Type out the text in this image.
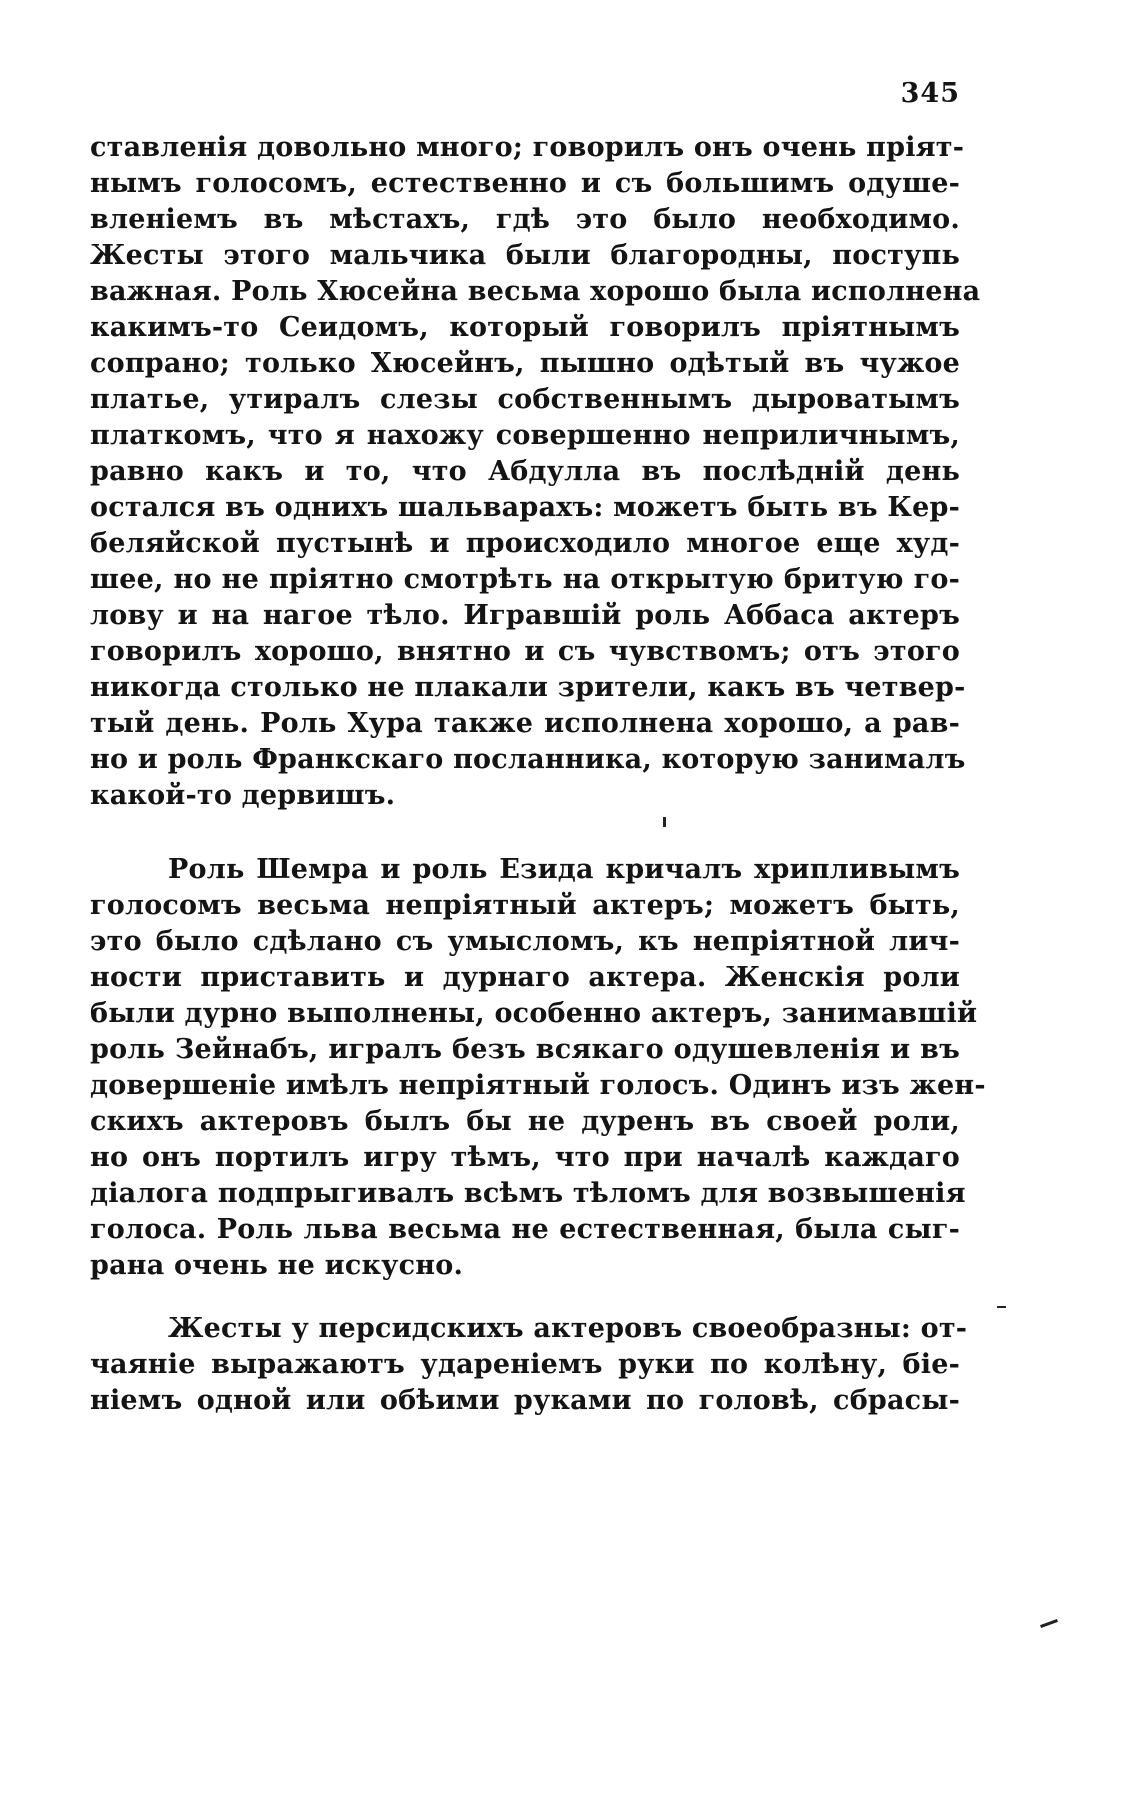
345
ставленія довольно много; говорилъ онъ очень пріят-
нымъ голосомъ, естественно и съ большимъ одуше-
вленіемъ въ мѣстахъ, гдѣ это было необходимо.
Жесты этого мальчика были благородны, поступь
важная. Роль Хюсейна весьма хорошо была исполнена
какимъ-то Сеидомъ, который говорилъ пріятнымъ
сопрано; только Хюсейнъ, пышно одѣтый въ чужое
платье, утиралъ слезы собственнымъ дыроватымъ
платкомъ, что я нахожу совершенно неприличнымъ,
равно какъ и то, что Абдулла въ послѣдній день
остался въ однихъ шальварахъ: можетъ быть въ Кер-
беляйской пустынѣ и происходило многое еще худ-
шее, но не пріятно смотрѣть на открытую бритую го-
лову и на нагое тѣло. Игравшій роль Аббаса актеръ
говорилъ хорошо, внятно и съ чувствомъ; отъ этого
никогда столько не плакали зрители, какъ въ четвер-
тый день. Роль Хура также исполнена хорошо, а рав-
но и роль Франкскаго посланника, которую занималъ
какой-то дервишъ.
Роль Шемра и роль Езида кричалъ хрипливымъ
голосомъ весьма непріятный актеръ; можетъ быть,
это было сдѣлано съ умысломъ, къ непріятной лич-
ности приставить и дурнаго актера. Женскія роли
были дурно выполнены, особенно актеръ, занимавшій
роль Зейнабъ, игралъ безъ всякаго одушевленія и въ
довершеніе имѣлъ непріятный голосъ. Одинъ изъ жен-
скихъ актеровъ былъ бы не дуренъ въ своей роли,
но онъ портилъ игру тѣмъ, что при началѣ каждаго
діалога подпрыгивалъ всѣмъ тѣломъ для возвышенія
голоса. Роль льва весьма не естественная, была сыг-
рана очень не искусно.
Жесты у персидскихъ актеровъ своеобразны: от-
чаяніе выражаютъ удареніемъ руки по колѣну, біе-
ніемъ одной или обѣими руками по головѣ, сбрасы-
